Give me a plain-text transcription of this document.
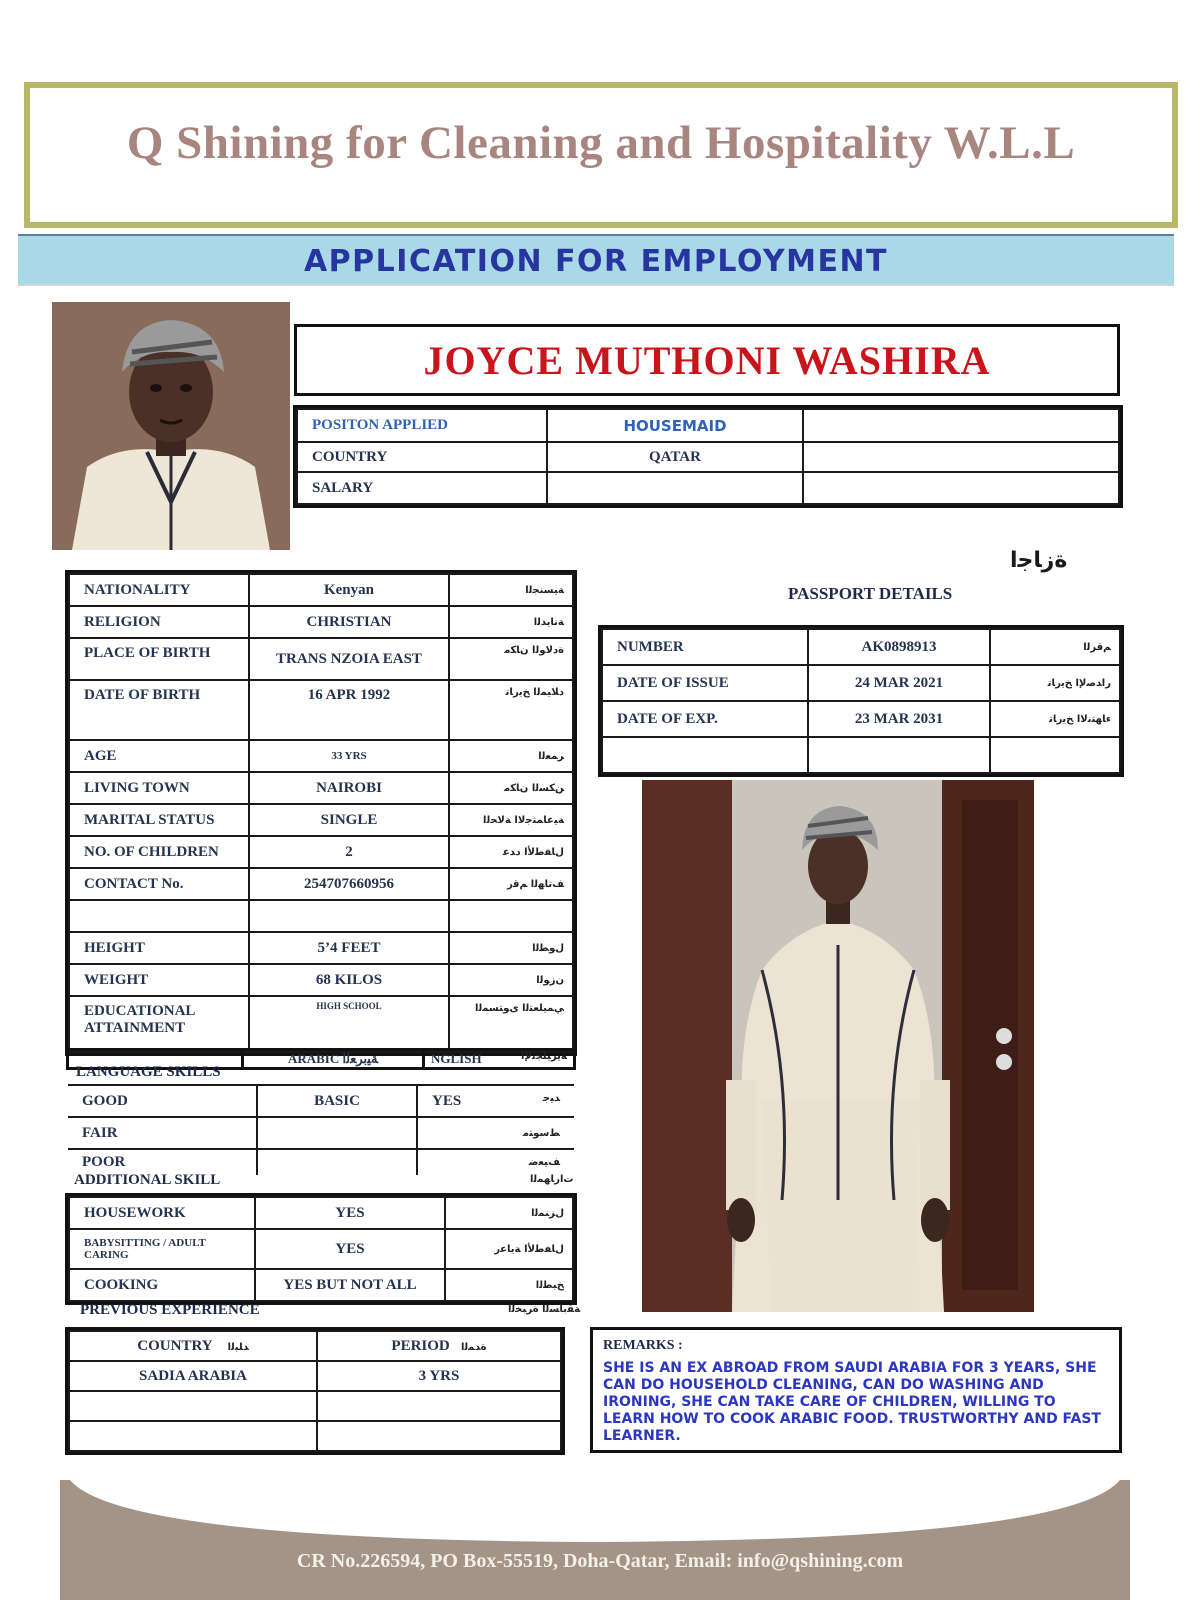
Q Shining for Cleaning and Hospitality W.L.L
APPLICATION FOR EMPLOYMENT
JOYCE MUTHONI WASHIRA
POSITON APPLIED	HOUSEMAID	
COUNTRY	QATAR	
SALARY		
NATIONALITY	Kenyan	ﺔﻴﺴﻨﺠﻟﺍ
RELIGION	CHRISTIAN	ﺔﻧﺎﻳﺪﻟﺍ
PLACE OF BIRTH	TRANS NZOIA EAST	ﺓﺩﻻﻮﻟﺍ ﻥﺎﻜﻣ
DATE OF BIRTH	16 APR 1992	ﺩﻼﻴﻤﻟﺍ ﺦﻳﺭﺎﺗ
AGE	33 YRS	ﺮﻤﻌﻟﺍ
LIVING TOWN	NAIROBI	ﻦﻜﺴﻟﺍ ﻥﺎﻜﻣ
MARITAL STATUS	SINGLE	ﺔﻴﻋﺎﻤﺘﺟﻻﺍ ﺔﻟﺎﺤﻟﺍ
NO. OF CHILDREN	2	ﻝﺎﻔﻃﻷﺍ ﺩﺪﻋ
CONTACT No.	254707660956	ﻒﺗﺎﻬﻟﺍ ﻢﻗﺭ

HEIGHT	5’4 FEET	ﻝﻮﻄﻟﺍ
WEIGHT	68 KILOS	ﻥﺯﻮﻟﺍ
EDUCATIONAL ATTAINMENT	HIGH SCHOOL	ﻲﻤﻴﻠﻌﺘﻟﺍ ﻯﻮﺘﺴﻤﻟﺍ
	ARABIC ﺔﻴﺑﺮﻌﻟﺍ	NGLISH	ﺔﻳﺰﻴﻠﺠﻧﻹﺍ
LANGUAGE SKILLS
GOOD	BASIC	YES ﺪﻴﺟ

FAIR		ﻂﺳﻮﺘﻣ

POOR		ﻒﻴﻌﺿ
ADDITIONAL SKILL	ﺕﺍﺭﺎﻬﻤﻟﺍ
HOUSEWORK	YES	ﻝﺰﻨﻤﻟﺍ
BABYSITTING / ADULT CARING	YES	ﻝﺎﻔﻃﻷﺍ ﺔﻳﺎﻋﺭ
COOKING	YES BUT NOT ALL	ﺦﺒﻄﻟﺍ
PREVIOUS EXPERIENCE	ﺔﻘﺑﺎﺴﻟﺍ ﺓﺮﺒﺨﻟﺍ
COUNTRY ﺪﻠﺒﻟﺍ	PERIOD ﺓﺪﻤﻟﺍ
SADIA ARABIA	3 YRS

ﺓﺯﺎﺟﺍ
PASSPORT DETAILS
NUMBER	AK0898913	ﻢﻗﺮﻟﺍ
DATE OF ISSUE	24 MAR 2021	ﺭﺍﺪﺻﻹﺍ ﺦﻳﺭﺎﺗ
DATE OF EXP.	23 MAR 2031	ﺀﺎﻬﺘﻧﻻﺍ ﺦﻳﺭﺎﺗ

REMARKS :
SHE IS AN EX ABROAD FROM SAUDI ARABIA FOR 3 YEARS, SHE CAN DO HOUSEHOLD CLEANING, CAN DO WASHING AND IRONING, SHE CAN TAKE CARE OF CHILDREN, WILLING TO LEARN HOW TO COOK ARABIC FOOD. TRUSTWORTHY AND FAST LEARNER.
CR No.226594, PO Box-55519, Doha-Qatar, Email: info@qshining.com
